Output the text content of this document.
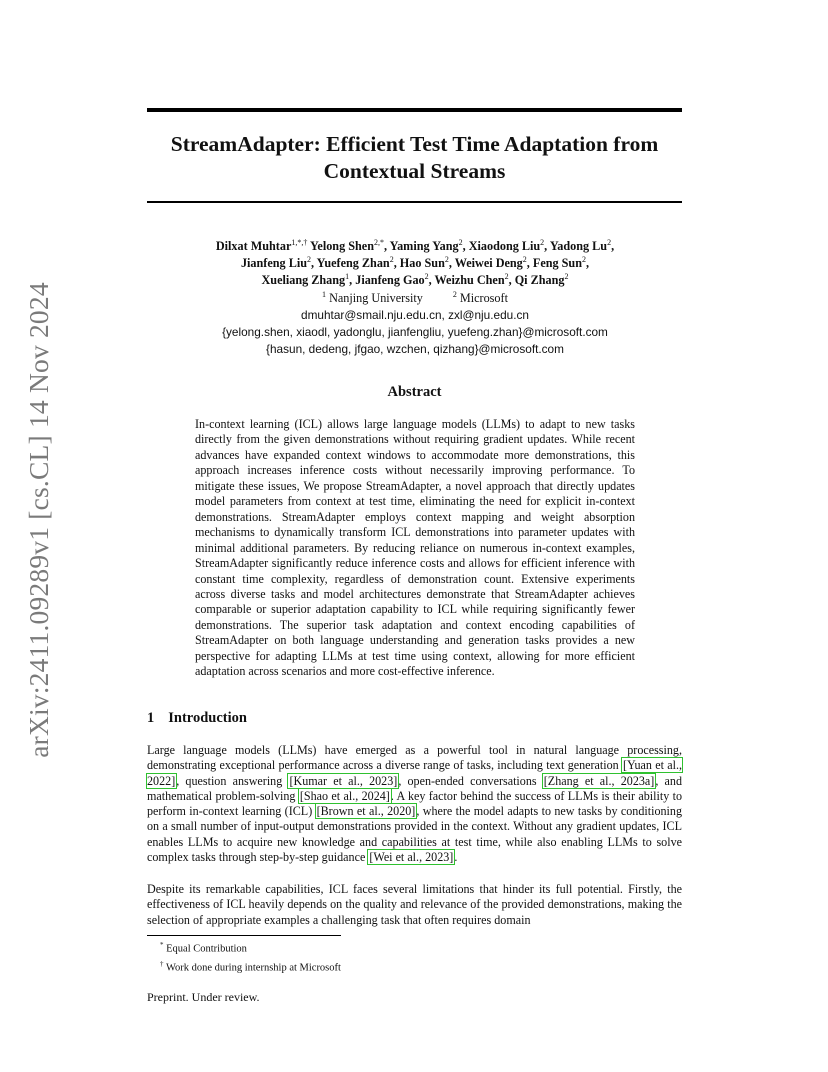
arXiv:2411.09289v1 [cs.CL] 14 Nov 2024
StreamAdapter: Efficient Test Time Adaptation from
Contextual Streams
Dilxat Muhtar$^{1,*,\dagger}$ Yelong Shen$^{2,*}$, Yaming Yang$^2$, Xiaodong Liu$^2$, Yadong Lu$^2$,
Jianfeng Liu$^2$, Yuefeng Zhan$^2$, Hao Sun$^2$, Weiwei Deng$^2$, Feng Sun$^2$,
Xueliang Zhang$^1$, Jianfeng Gao$^2$, Weizhu Chen$^2$, Qi Zhang$^2$
$^1$ Nanjing University	$^2$ Microsoft
dmuhtar@smail.nju.edu.cn, zxl@nju.edu.cn
{yelong.shen, xiaodl, yadonglu, jianfengliu, yuefeng.zhan}@microsoft.com
{hasun, dedeng, jfgao, wzchen, qizhang}@microsoft.com
Abstract
In-context learning (ICL) allows large language models (LLMs) to adapt to new tasks directly from the given demonstrations without requiring gradient updates. While recent advances have expanded context windows to accommodate more demonstrations, this approach increases inference costs without necessarily improving performance. To mitigate these issues, We propose StreamAdapter, a novel approach that directly updates model parameters from context at test time, eliminating the need for explicit in-context demonstrations. StreamAdapter employs context mapping and weight absorption mechanisms to dynamically transform ICL demonstrations into parameter updates with minimal additional parameters. By reducing reliance on numerous in-context examples, StreamAdapter significantly reduce inference costs and allows for efficient inference with constant time complexity, regardless of demonstration count. Extensive experiments across diverse tasks and model architectures demonstrate that StreamAdapter achieves comparable or superior adaptation capability to ICL while requiring significantly fewer demonstrations. The superior task adaptation and context encoding capabilities of StreamAdapter on both language understanding and generation tasks provides a new perspective for adapting LLMs at test time using context, allowing for more efficient adaptation across scenarios and more cost-effective inference.
1 Introduction
Large language models (LLMs) have emerged as a powerful tool in natural language processing, demonstrating exceptional performance across a diverse range of tasks, including text generation [Yuan et al., 2022], question answering [Kumar et al., 2023], open-ended conversations [Zhang et al., 2023a], and mathematical problem-solving [Shao et al., 2024]. A key factor behind the success of LLMs is their ability to perform in-context learning (ICL) [Brown et al., 2020], where the model adapts to new tasks by conditioning on a small number of input-output demonstrations provided in the context. Without any gradient updates, ICL enables LLMs to acquire new knowledge and capabilities at test time, while also enabling LLMs to solve complex tasks through step-by-step guidance [Wei et al., 2023].
Despite its remarkable capabilities, ICL faces several limitations that hinder its full potential. Firstly, the effectiveness of ICL heavily depends on the quality and relevance of the provided demonstrations, making the selection of appropriate examples a challenging task that often requires domain
* Equal Contribution
† Work done during internship at Microsoft
Preprint. Under review.
